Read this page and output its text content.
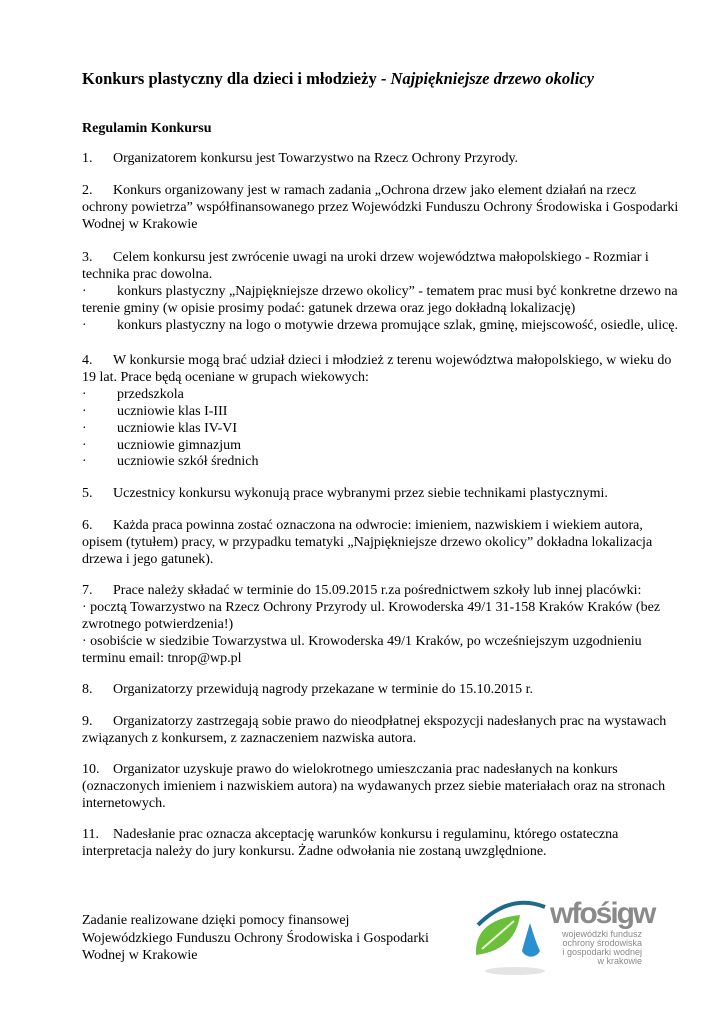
Konkurs plastyczny dla dzieci i młodzieży - Najpiękniejsze drzewo okolicy
Regulamin Konkursu
1. Organizatorem konkursu jest Towarzystwo na Rzecz Ochrony Przyrody.
2. Konkurs organizowany jest w ramach zadania „Ochrona drzew jako element działań na rzecz
ochrony powietrza” współfinansowanego przez Wojewódzki Funduszu Ochrony Środowiska i Gospodarki
Wodnej w Krakowie
3. Celem konkursu jest zwrócenie uwagi na uroki drzew województwa małopolskiego - Rozmiar i
technika prac dowolna.
· konkurs plastyczny „Najpiękniejsze drzewo okolicy” - tematem prac musi być konkretne drzewo na
terenie gminy (w opisie prosimy podać: gatunek drzewa oraz jego dokładną lokalizację)
· konkurs plastyczny na logo o motywie drzewa promujące szlak, gminę, miejscowość, osiedle, ulicę.
4. W konkursie mogą brać udział dzieci i młodzież z terenu województwa małopolskiego, w wieku do
19 lat. Prace będą oceniane w grupach wiekowych:
· przedszkola
· uczniowie klas I-III
· uczniowie klas IV-VI
· uczniowie gimnazjum
· uczniowie szkół średnich
5. Uczestnicy konkursu wykonują prace wybranymi przez siebie technikami plastycznymi.
6. Każda praca powinna zostać oznaczona na odwrocie: imieniem, nazwiskiem i wiekiem autora,
opisem (tytułem) pracy, w przypadku tematyki „Najpiękniejsze drzewo okolicy” dokładna lokalizacja
drzewa i jego gatunek).
7. Prace należy składać w terminie do 15.09.2015 r.za pośrednictwem szkoły lub innej placówki:
· pocztą Towarzystwo na Rzecz Ochrony Przyrody ul. Krowoderska 49/1 31-158 Kraków Kraków (bez
zwrotnego potwierdzenia!)
· osobiście w siedzibie Towarzystwa ul. Krowoderska 49/1 Kraków, po wcześniejszym uzgodnieniu
terminu email: tnrop@wp.pl
8. Organizatorzy przewidują nagrody przekazane w terminie do 15.10.2015 r.
9. Organizatorzy zastrzegają sobie prawo do nieodpłatnej ekspozycji nadesłanych prac na wystawach
związanych z konkursem, z zaznaczeniem nazwiska autora.
10. Organizator uzyskuje prawo do wielokrotnego umieszczania prac nadesłanych na konkurs
(oznaczonych imieniem i nazwiskiem autora) na wydawanych przez siebie materiałach oraz na stronach
internetowych.
11. Nadesłanie prac oznacza akceptację warunków konkursu i regulaminu, którego ostateczna
interpretacja należy do jury konkursu. Żadne odwołania nie zostaną uwzględnione.
Zadanie realizowane dzięki pomocy finansowej
Wojewódzkiego Funduszu Ochrony Środowiska i Gospodarki
Wodnej w Krakowie
wfośigw
wojewódzki fundusz
ochrony środowiska
i gospodarki wodnej
w krakowie
